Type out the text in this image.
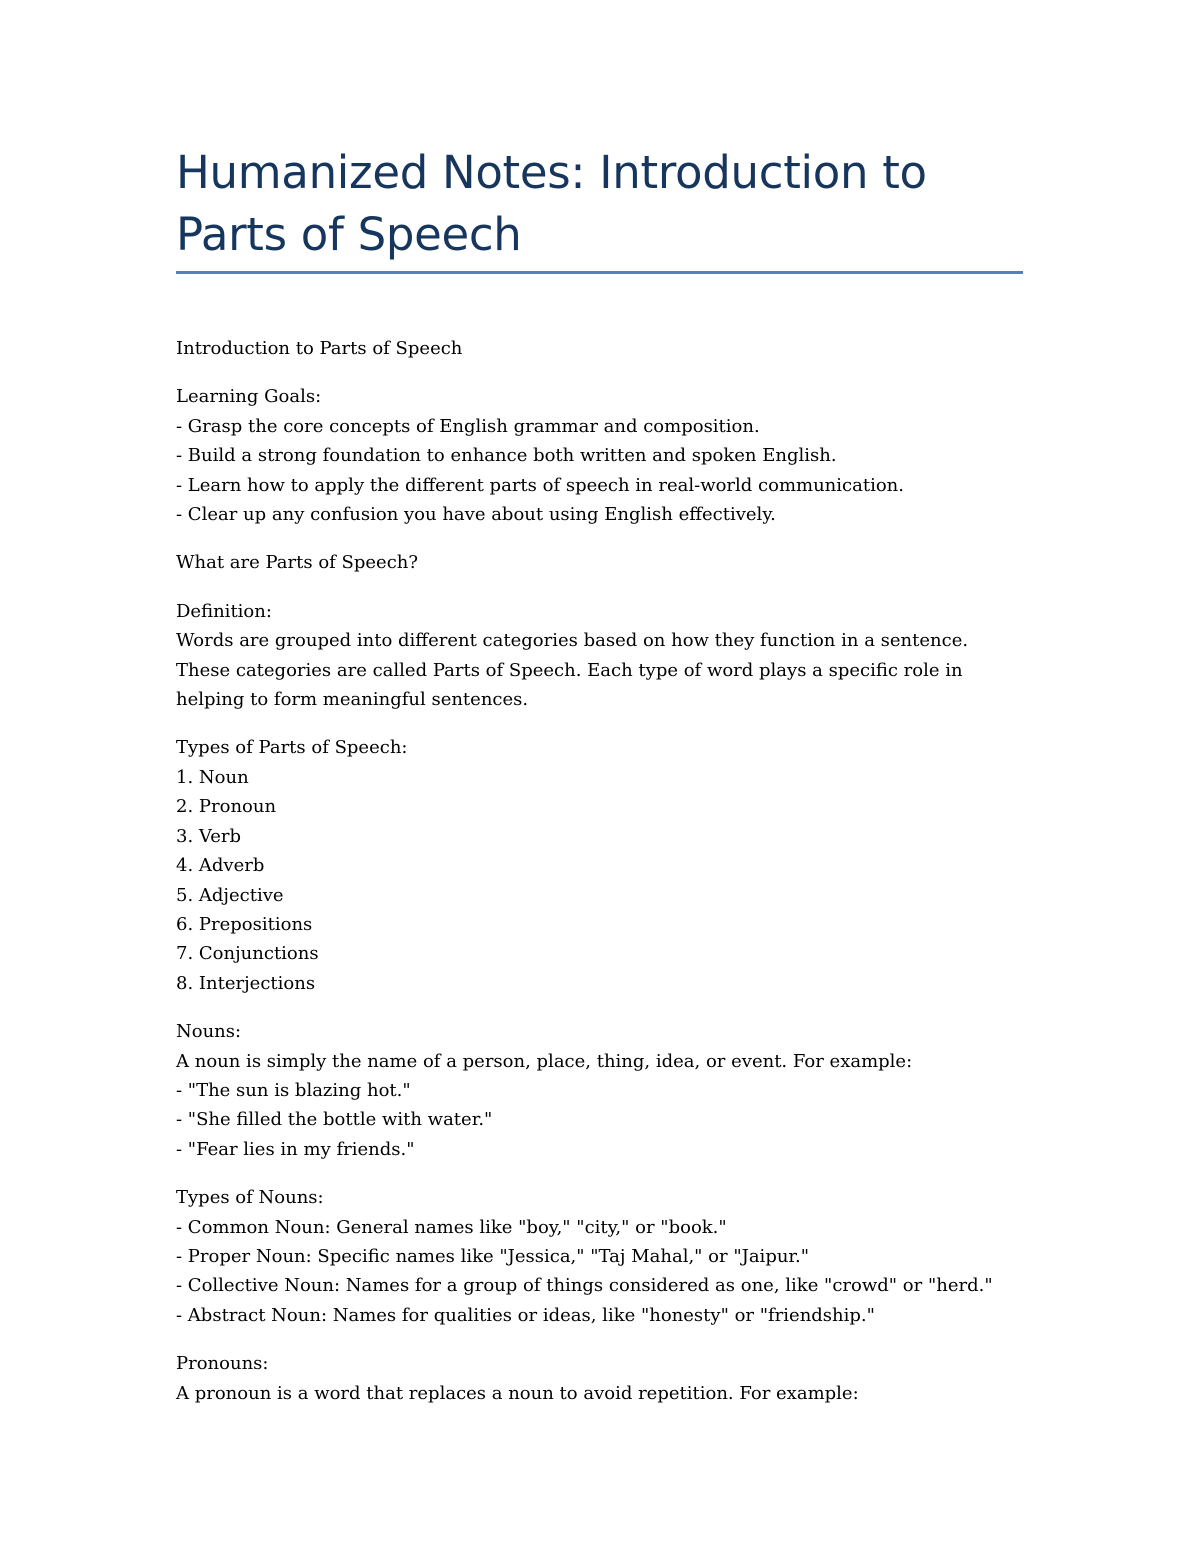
Humanized Notes: Introduction to Parts of Speech

Introduction to Parts of Speech

Learning Goals:
- Grasp the core concepts of English grammar and composition.
- Build a strong foundation to enhance both written and spoken English.
- Learn how to apply the different parts of speech in real-world communication.
- Clear up any confusion you have about using English effectively.

What are Parts of Speech?

Definition:
Words are grouped into different categories based on how they function in a sentence.
These categories are called Parts of Speech. Each type of word plays a specific role in
helping to form meaningful sentences.

Types of Parts of Speech:
1. Noun
2. Pronoun
3. Verb
4. Adverb
5. Adjective
6. Prepositions
7. Conjunctions
8. Interjections

Nouns:
A noun is simply the name of a person, place, thing, idea, or event. For example:
- "The sun is blazing hot."
- "She filled the bottle with water."
- "Fear lies in my friends."

Types of Nouns:
- Common Noun: General names like "boy," "city," or "book."
- Proper Noun: Specific names like "Jessica," "Taj Mahal," or "Jaipur."
- Collective Noun: Names for a group of things considered as one, like "crowd" or "herd."
- Abstract Noun: Names for qualities or ideas, like "honesty" or "friendship."

Pronouns:
A pronoun is a word that replaces a noun to avoid repetition. For example:
